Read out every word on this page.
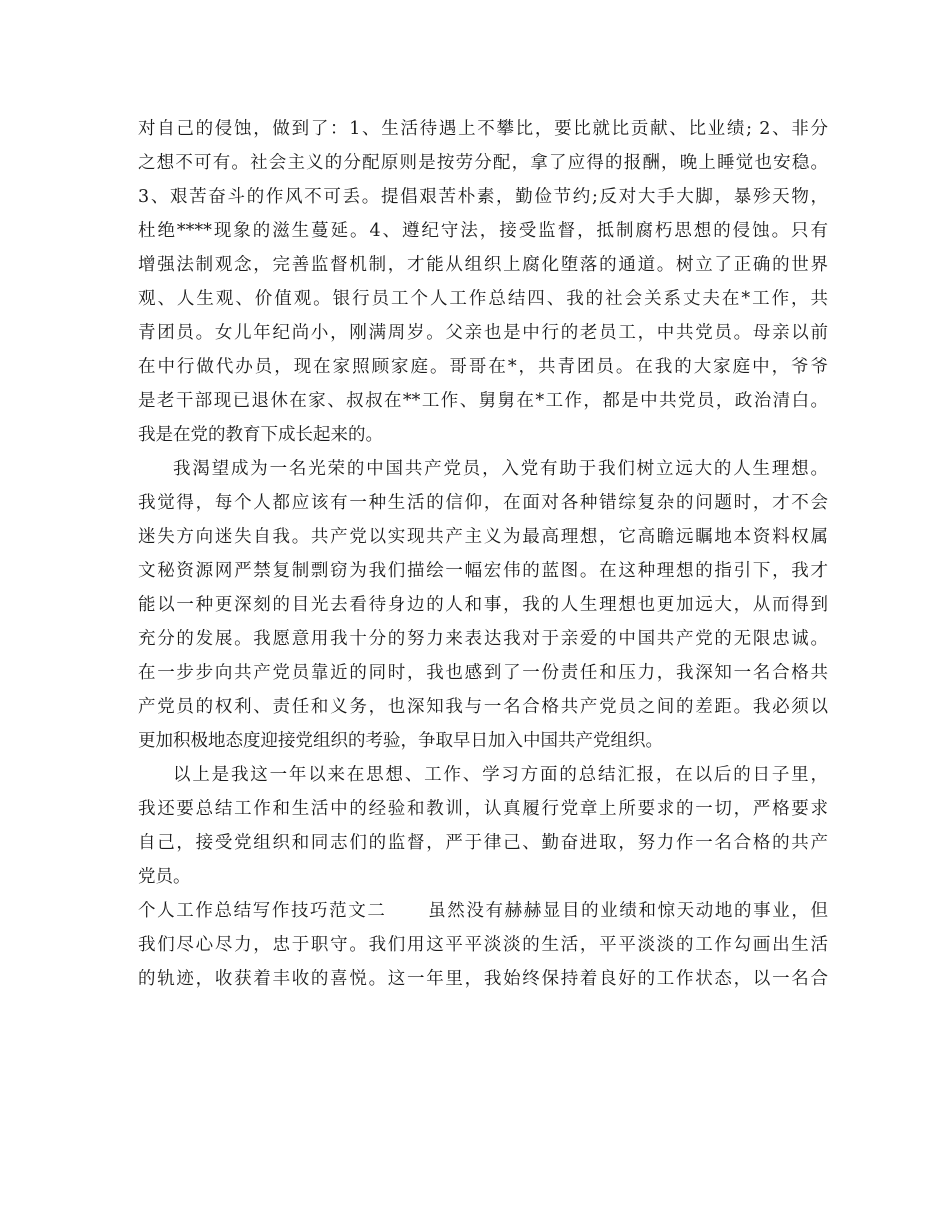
对自己的侵蚀，做到了：1、生活待遇上不攀比，要比就比贡献、比业绩; 2、非分
之想不可有。社会主义的分配原则是按劳分配，拿了应得的报酬，晚上睡觉也安稳。
3、艰苦奋斗的作风不可丢。提倡艰苦朴素，勤俭节约;反对大手大脚，暴殄天物，
杜绝****现象的滋生蔓延。4、遵纪守法，接受监督，抵制腐朽思想的侵蚀。只有
增强法制观念，完善监督机制，才能从组织上腐化堕落的通道。树立了正确的世界
观、人生观、价值观。银行员工个人工作总结四、我的社会关系丈夫在*工作，共
青团员。女儿年纪尚小，刚满周岁。父亲也是中行的老员工，中共党员。母亲以前
在中行做代办员，现在家照顾家庭。哥哥在*，共青团员。在我的大家庭中，爷爷
是老干部现已退休在家、叔叔在**工作、舅舅在*工作，都是中共党员，政治清白。
我是在党的教育下成长起来的。
我渴望成为一名光荣的中国共产党员，入党有助于我们树立远大的人生理想。
我觉得，每个人都应该有一种生活的信仰，在面对各种错综复杂的问题时，才不会
迷失方向迷失自我。共产党以实现共产主义为最高理想，它高瞻远瞩地本资料权属
文秘资源网严禁复制剽窃为我们描绘一幅宏伟的蓝图。在这种理想的指引下，我才
能以一种更深刻的目光去看待身边的人和事，我的人生理想也更加远大，从而得到
充分的发展。我愿意用我十分的努力来表达我对于亲爱的中国共产党的无限忠诚。
在一步步向共产党员靠近的同时，我也感到了一份责任和压力，我深知一名合格共
产党员的权利、责任和义务，也深知我与一名合格共产党员之间的差距。我必须以
更加积极地态度迎接党组织的考验，争取早日加入中国共产党组织。
以上是我这一年以来在思想、工作、学习方面的总结汇报，在以后的日子里，
我还要总结工作和生活中的经验和教训，认真履行党章上所要求的一切，严格要求
自己，接受党组织和同志们的监督，严于律己、勤奋进取，努力作一名合格的共产
党员。
个人工作总结写作技巧范文二 虽然没有赫赫显目的业绩和惊天动地的事业，但
我们尽心尽力，忠于职守。我们用这平平淡淡的生活，平平淡淡的工作勾画出生活
的轨迹，收获着丰收的喜悦。这一年里，我始终保持着良好的工作状态，以一名合
